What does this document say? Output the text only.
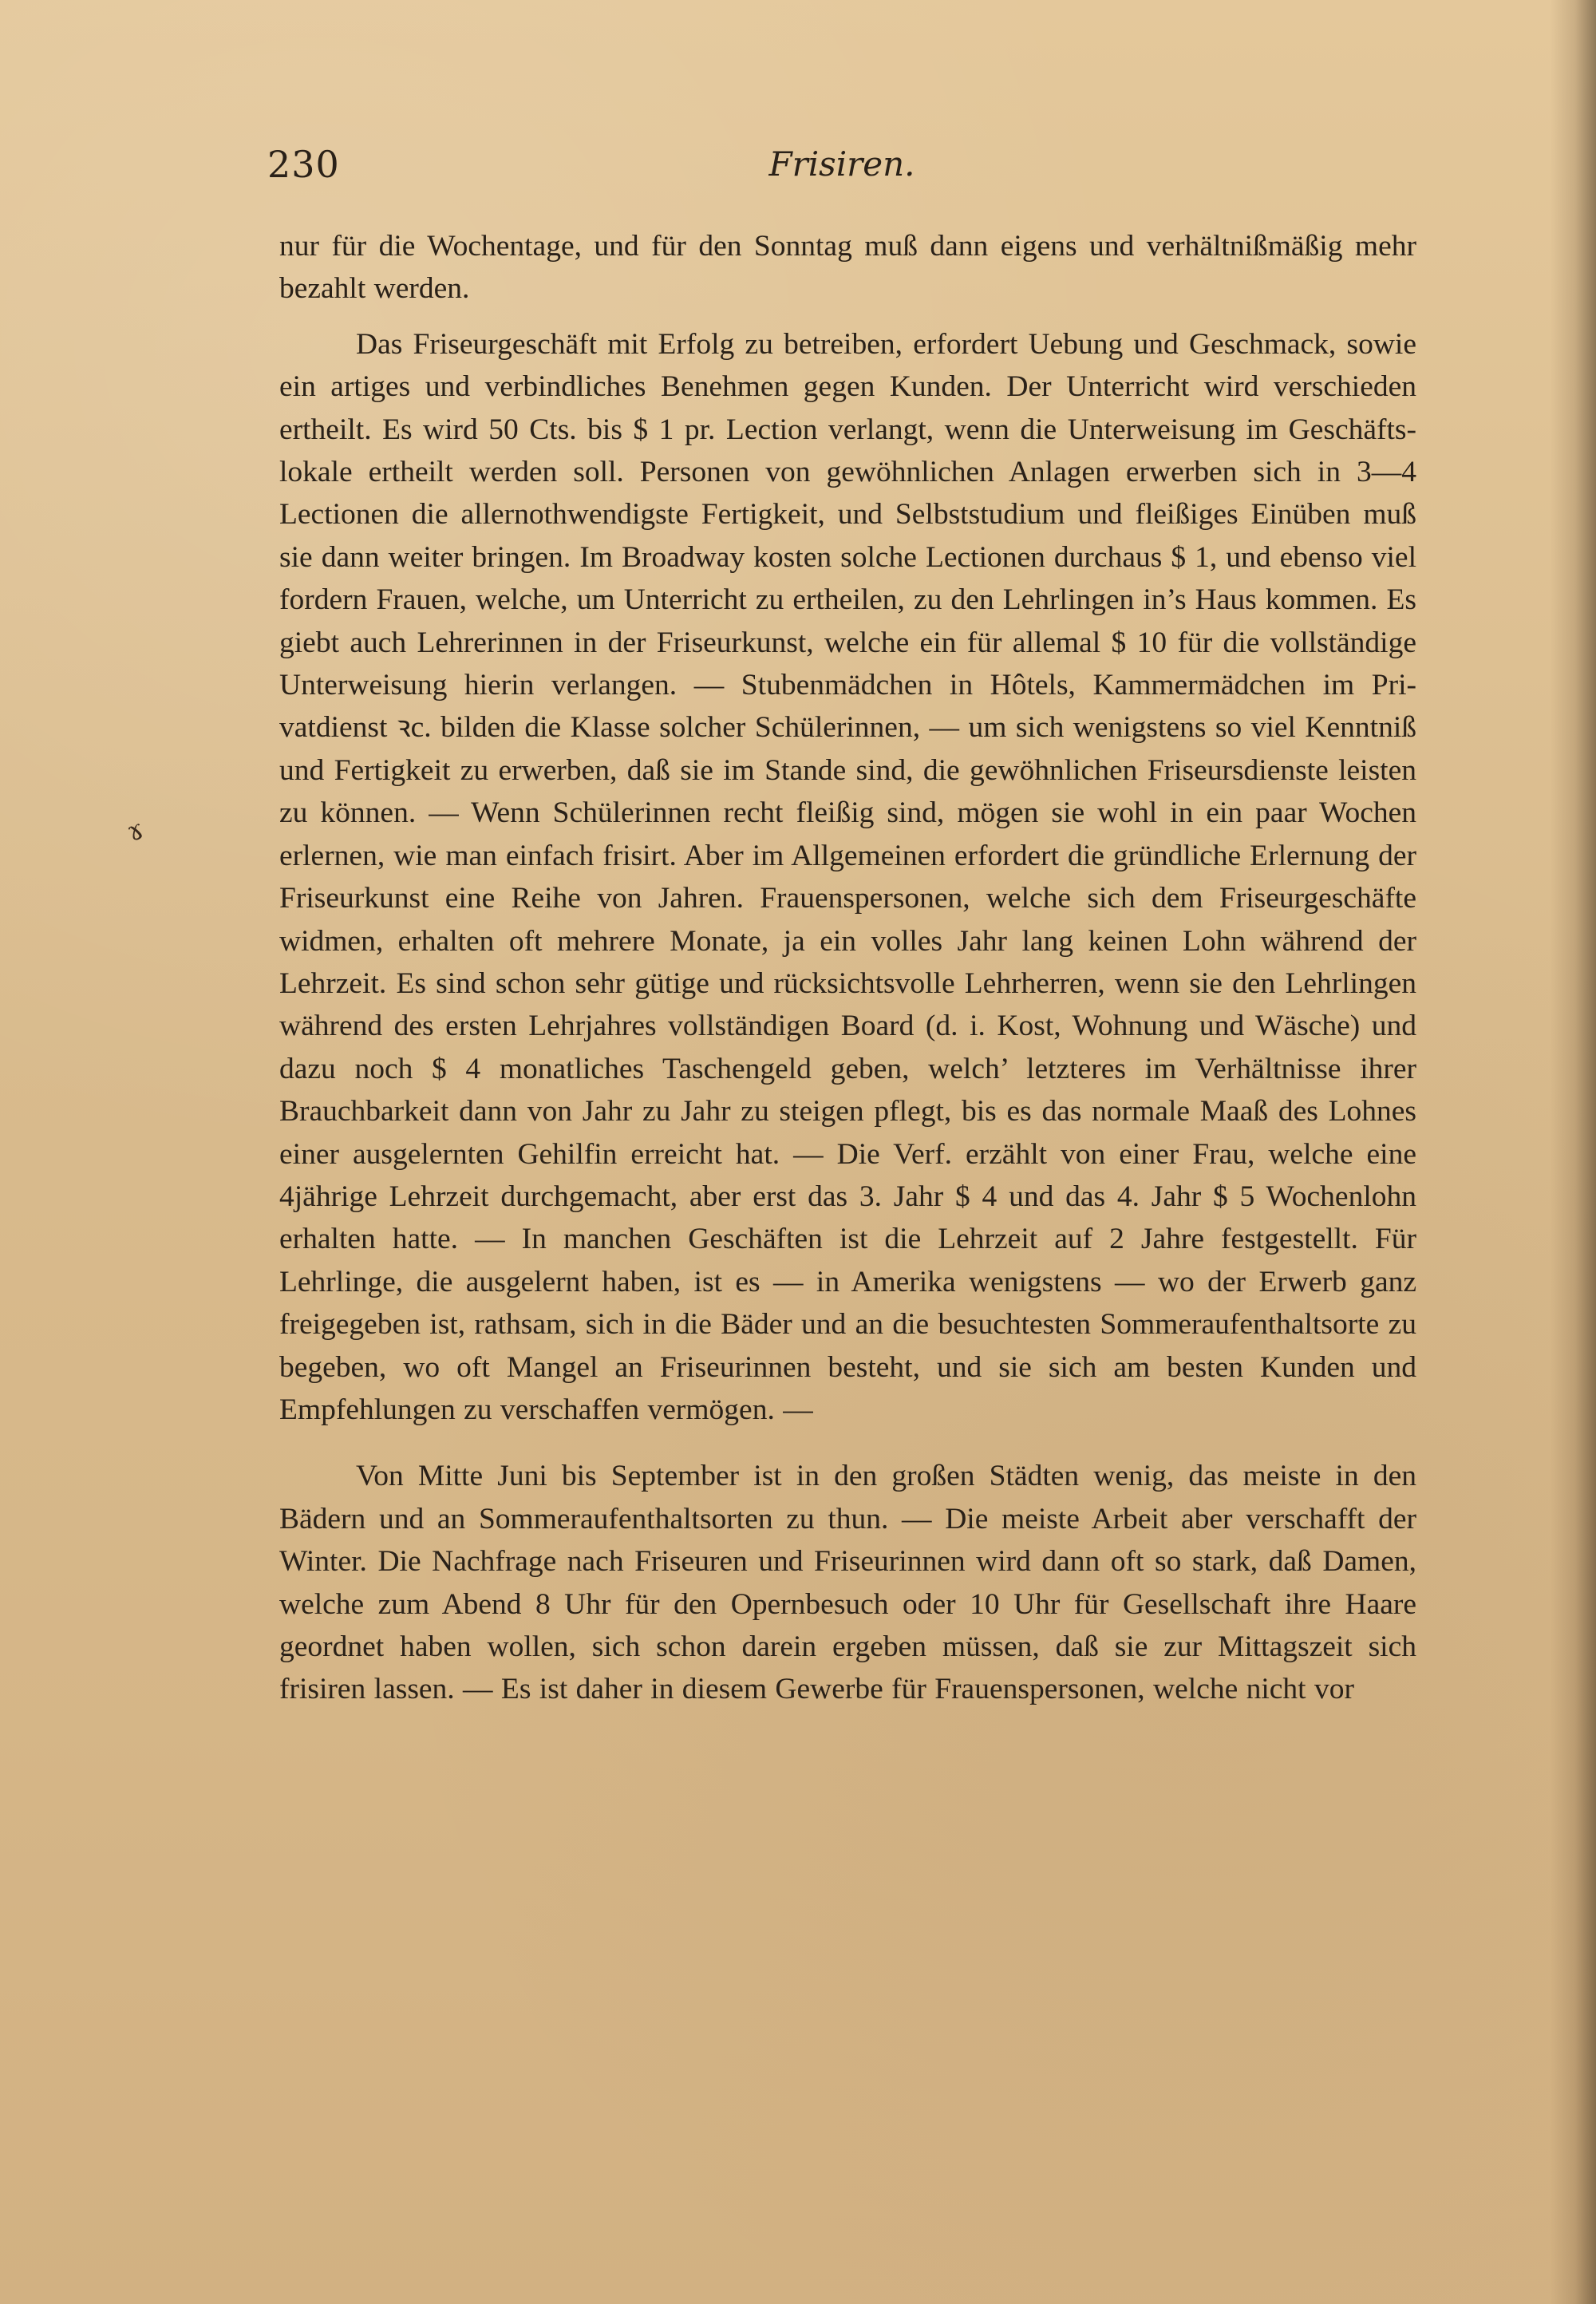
230	Frisiren.
ɤ

nur für die Wochentage, und für den Sonntag muß dann eigens und verhältnißmäßig mehr bezahlt werden.

Das Friseurgeschäft mit Erfolg zu betreiben, erfordert Uebung und Geschmack, sowie ein artiges und verbindliches Benehmen gegen Kunden. Der Unterricht wird verschieden ertheilt. Es wird 50 Cts. bis $ 1 pr. Lection verlangt, wenn die Unterweisung im Geschäftslokale ertheilt werden soll. Personen von gewöhnlichen Anlagen erwerben sich in 3—4 Lectionen die allernothwendigste Fertigkeit, und Selbststudium und fleißiges Einüben muß sie dann weiter bringen. Im Broadway kosten solche Lectionen durchaus $ 1, und ebenso viel fordern Frauen, welche, um Unterricht zu ertheilen, zu den Lehrlingen in’s Haus kommen. Es giebt auch Lehrerinnen in der Friseurkunst, welche ein für allemal $ 10 für die vollständige Unterweisung hierin verlangen. — Stubenmädchen in Hôtels, Kammermädchen im Privatdienst ꝛc. bilden die Klasse solcher Schülerinnen, — um sich wenigstens so viel Kenntniß und Fertigkeit zu erwerben, daß sie im Stande sind, die gewöhnlichen Friseursdienste leisten zu können. — Wenn Schülerinnen recht fleißig sind, mögen sie wohl in ein paar Wochen erlernen, wie man einfach frisirt. Aber im Allgemeinen erfordert die gründliche Erlernung der Friseurkunst eine Reihe von Jahren. Frauenspersonen, welche sich dem Friseurgeschäfte widmen, erhalten oft mehrere Monate, ja ein volles Jahr lang keinen Lohn während der Lehrzeit. Es sind schon sehr gütige und rücksichtsvolle Lehrherren, wenn sie den Lehrlingen während des ersten Lehrjahres vollständigen Board (d. i. Kost, Wohnung und Wäsche) und dazu noch $ 4 monatliches Taschengeld geben, welch’ letzteres im Verhältnisse ihrer Brauchbarkeit dann von Jahr zu Jahr zu steigen pflegt, bis es das normale Maaß des Lohnes einer ausgelernten Gehilfin erreicht hat. — Die Verf. erzählt von einer Frau, welche eine 4jährige Lehrzeit durchgemacht, aber erst das 3. Jahr $ 4 und das 4. Jahr $ 5 Wochenlohn erhalten hatte. — In manchen Geschäften ist die Lehrzeit auf 2 Jahre festgestellt. Für Lehrlinge, die ausgelernt haben, ist es — in Amerika wenigstens — wo der Erwerb ganz freigegeben ist, rathsam, sich in die Bäder und an die besuchtesten Sommeraufenthaltsorte zu begeben, wo oft Mangel an Friseurinnen besteht, und sie sich am besten Kunden und Empfehlungen zu verschaffen vermögen. —

Von Mitte Juni bis September ist in den großen Städten wenig, das meiste in den Bädern und an Sommeraufenthaltsorten zu thun. — Die meiste Arbeit aber verschafft der Winter. Die Nachfrage nach Friseuren und Friseurinnen wird dann oft so stark, daß Damen, welche zum Abend 8 Uhr für den Opernbesuch oder 10 Uhr für Gesellschaft ihre Haare geordnet haben wollen, sich schon darein ergeben müssen, daß sie zur Mittagszeit sich frisiren lassen. — Es ist daher in diesem Gewerbe für Frauenspersonen, welche nicht vor
